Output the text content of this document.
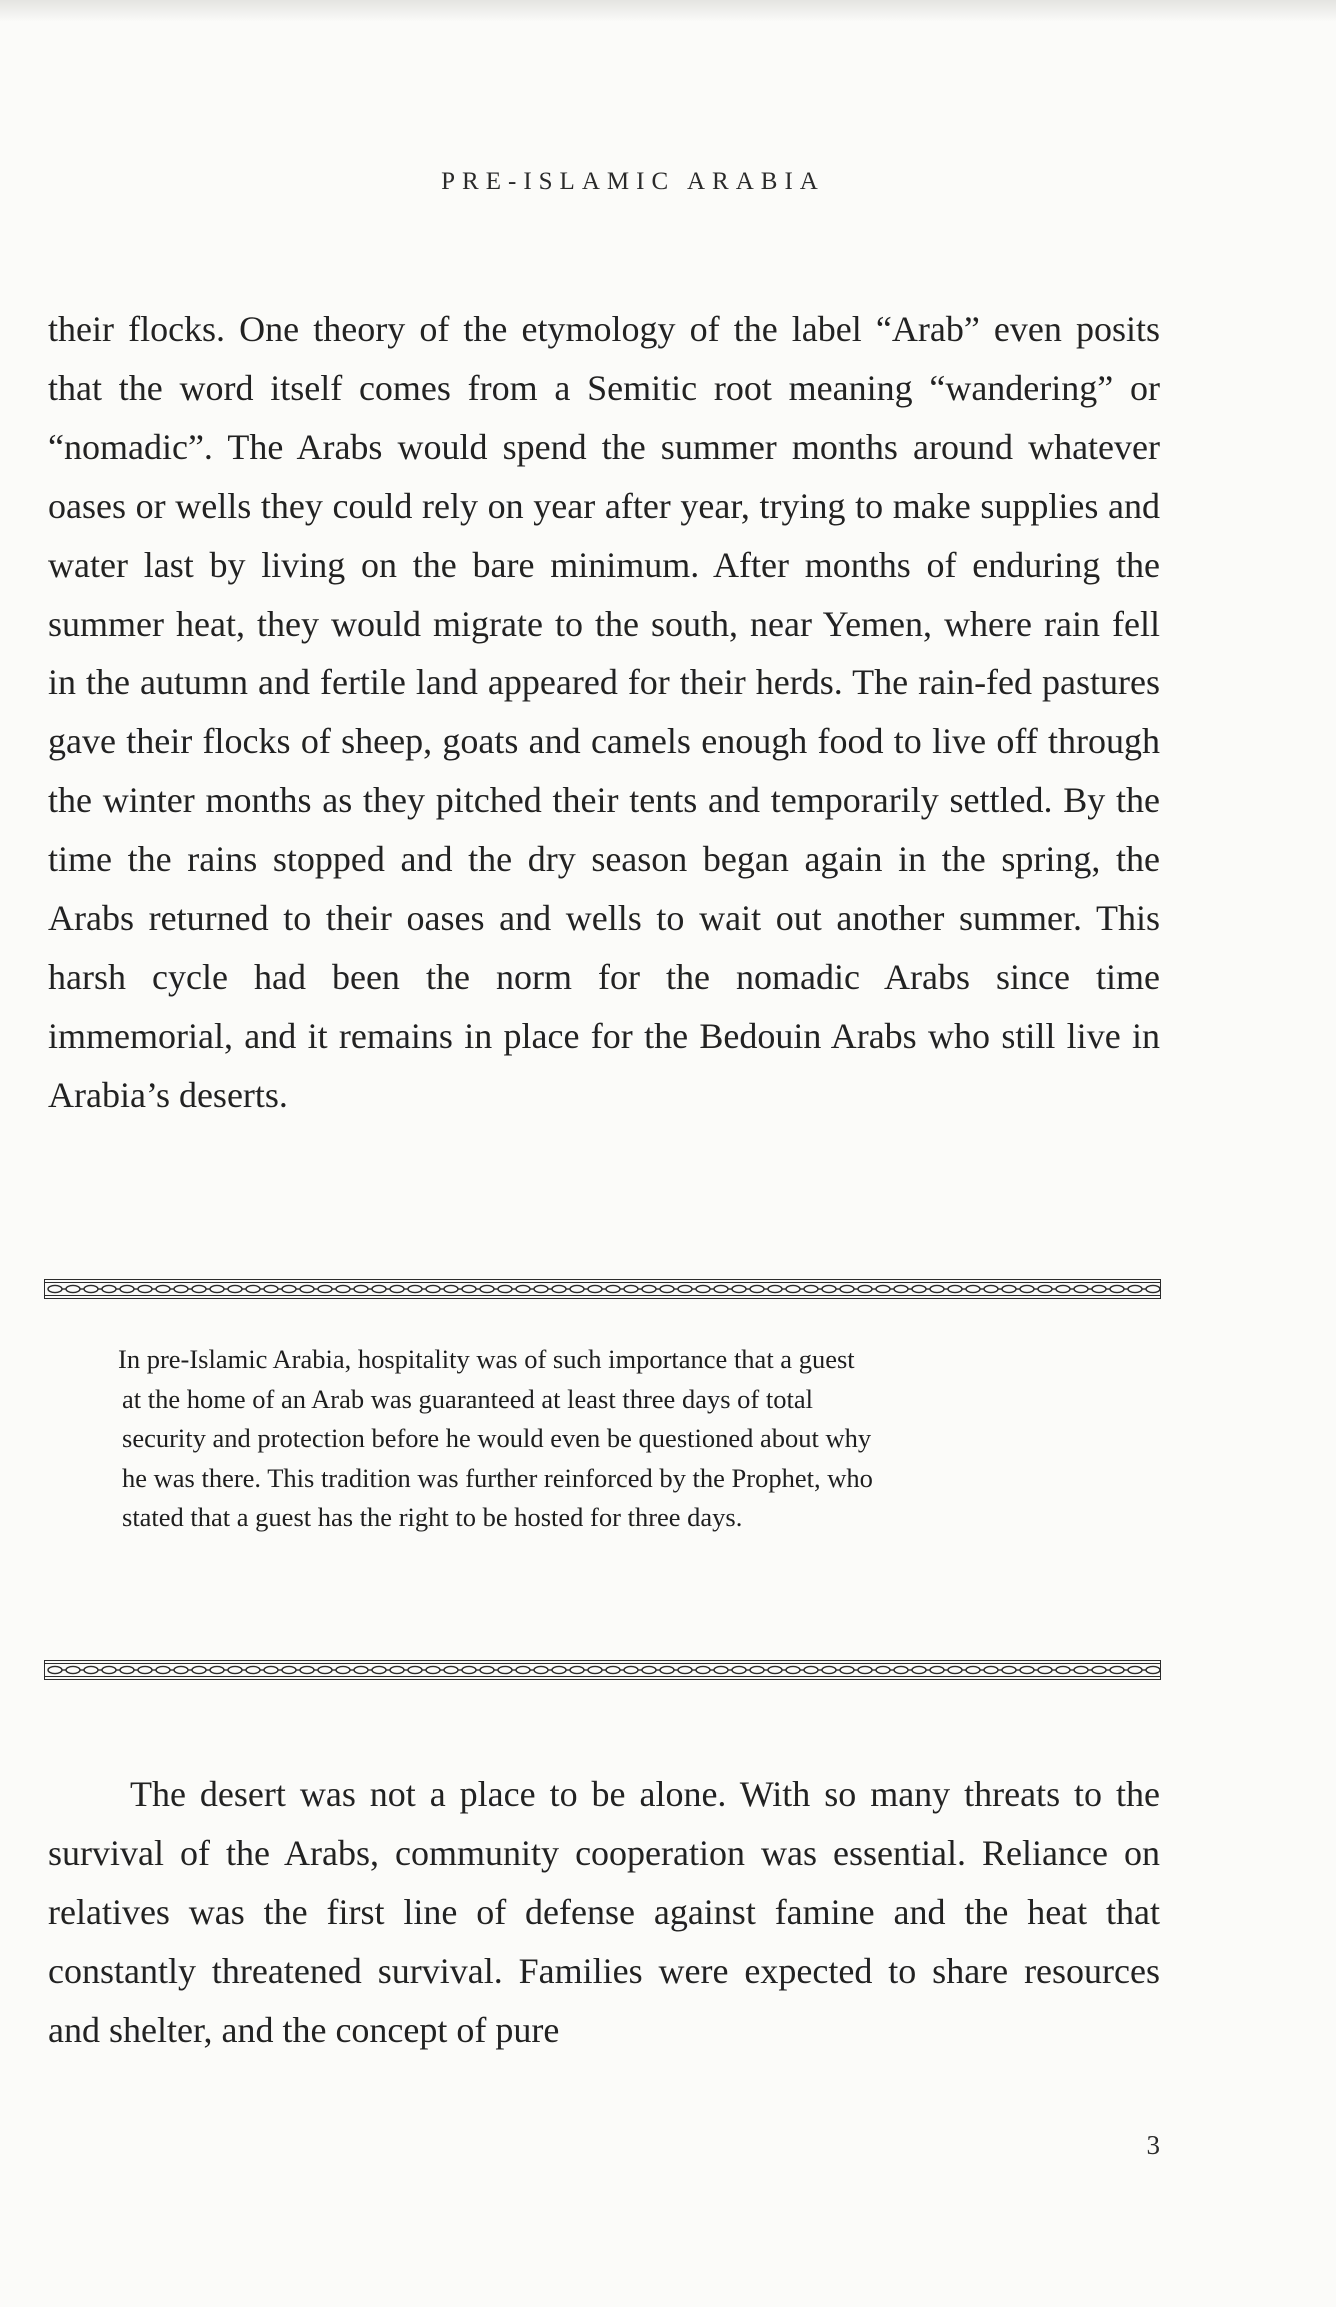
PRE-ISLAMIC ARABIA

their flocks. One theory of the etymology of the label “Arab” even posits that the word itself comes from a Semitic root meaning “wandering” or “nomadic”. The Arabs would spend the summer months around whatever oases or wells they could rely on year after year, trying to make supplies and water last by living on the bare minimum. After months of enduring the summer heat, they would migrate to the south, near Yemen, where rain fell in the autumn and fertile land appeared for their herds. The rain-fed pastures gave their flocks of sheep, goats and camels enough food to live off through the winter months as they pitched their tents and temporarily settled. By the time the rains stopped and the dry season began again in the spring, the Arabs returned to their oases and wells to wait out another summer. This harsh cycle had been the norm for the nomadic Arabs since time immemorial, and it remains in place for the Bedouin Arabs who still live in Arabia’s deserts.

In pre-Islamic Arabia, hospitality was of such importance that a guest
at the home of an Arab was guaranteed at least three days of total
security and protection before he would even be questioned about why
he was there. This tradition was further reinforced by the Prophet, who
stated that a guest has the right to be hosted for three days.

The desert was not a place to be alone. With so many threats to the survival of the Arabs, community cooperation was essential. Reliance on relatives was the first line of defense against famine and the heat that constantly threatened survival. Families were expected to share resources and shelter, and the concept of pure

3
